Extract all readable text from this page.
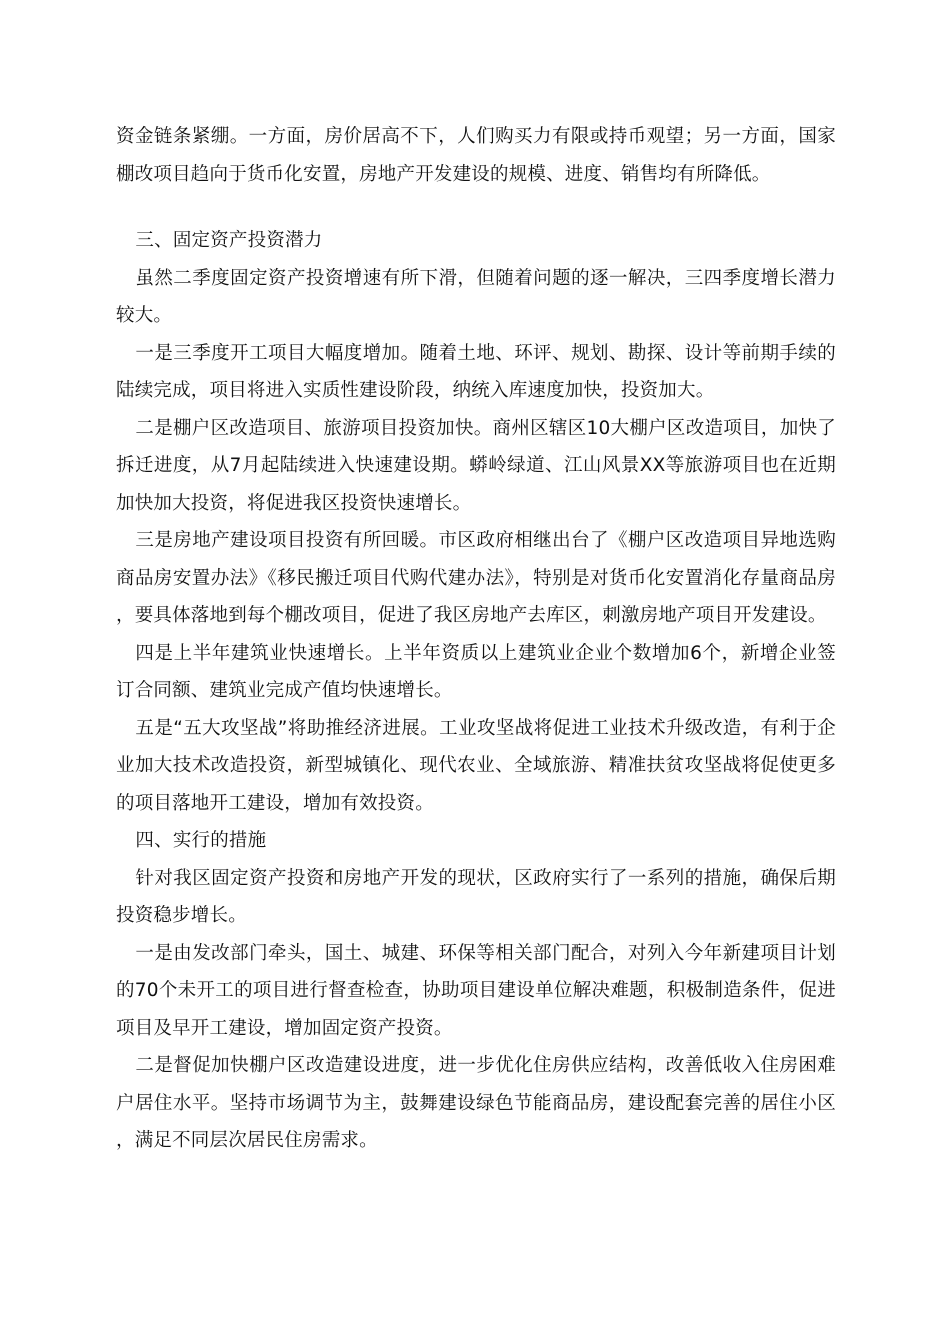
资金链条紧绷。一方面，房价居高不下，人们购买力有限或持币观望；另一方面，国家棚改项目趋向于货币化安置，房地产开发建设的规模、进度、销售均有所降低。

三、固定资产投资潜力

虽然二季度固定资产投资增速有所下滑，但随着问题的逐一解决，三四季度增长潜力较大。

一是三季度开工项目大幅度增加。随着土地、环评、规划、勘探、设计等前期手续的陆续完成，项目将进入实质性建设阶段，纳统入库速度加快，投资加大。

二是棚户区改造项目、旅游项目投资加快。商州区辖区10大棚户区改造项目，加快了拆迁进度，从7月起陆续进入快速建设期。蟒岭绿道、江山风景XX等旅游项目也在近期加快加大投资，将促进我区投资快速增长。

三是房地产建设项目投资有所回暖。市区政府相继出台了《棚户区改造项目异地选购商品房安置办法》《移民搬迁项目代购代建办法》，特别是对货币化安置消化存量商品房，要具体落地到每个棚改项目，促进了我区房地产去库区，刺激房地产项目开发建设。

四是上半年建筑业快速增长。上半年资质以上建筑业企业个数增加6个，新增企业签订合同额、建筑业完成产值均快速增长。

五是“五大攻坚战”将助推经济进展。工业攻坚战将促进工业技术升级改造，有利于企业加大技术改造投资，新型城镇化、现代农业、全域旅游、精准扶贫攻坚战将促使更多的项目落地开工建设，增加有效投资。

四、实行的措施

针对我区固定资产投资和房地产开发的现状，区政府实行了一系列的措施，确保后期投资稳步增长。

一是由发改部门牵头，国土、城建、环保等相关部门配合，对列入今年新建项目计划的70个未开工的项目进行督查检查，协助项目建设单位解决难题，积极制造条件，促进项目及早开工建设，增加固定资产投资。

二是督促加快棚户区改造建设进度，进一步优化住房供应结构，改善低收入住房困难户居住水平。坚持市场调节为主，鼓舞建设绿色节能商品房，建设配套完善的居住小区，满足不同层次居民住房需求。
